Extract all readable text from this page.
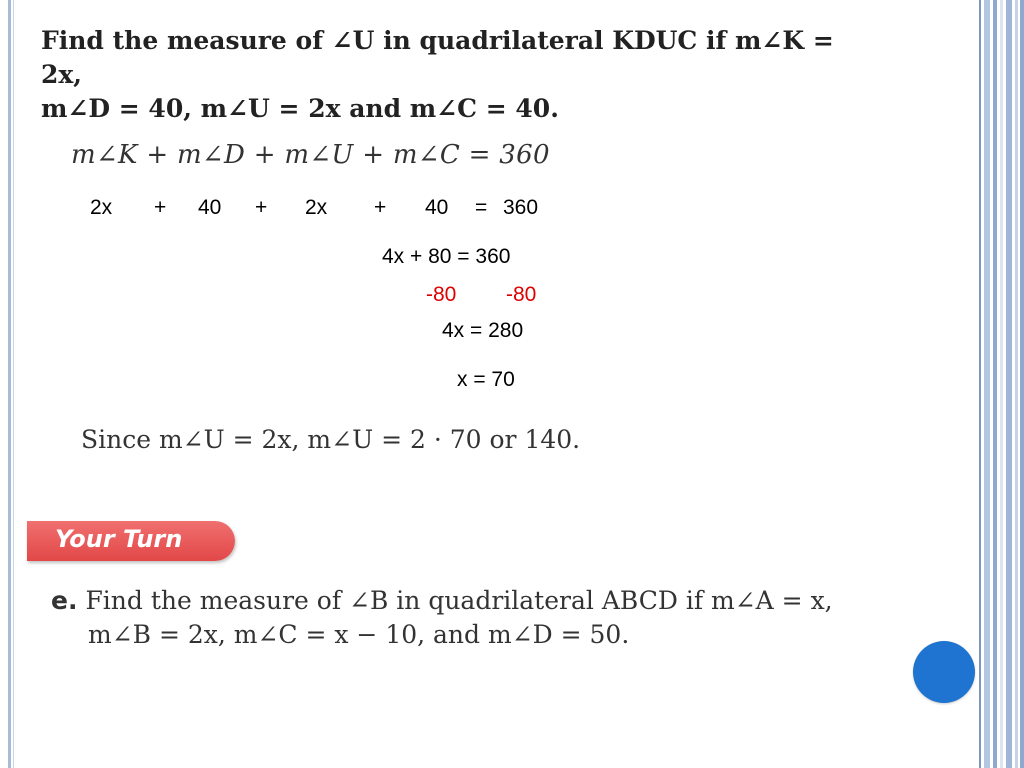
Find the measure of ∠U in quadrilateral KDUC if m∠K = 2x,
m∠D = 40, m∠U = 2x and m∠C = 40.
m∠K + m∠D + m∠U + m∠C = 360
2x + 40 + 2x + 40 = 360
4x + 80 = 360
-80 -80
4x = 280
x = 70
Since m∠U = 2x, m∠U = 2 · 70 or 140.
Your Turn
e. Find the measure of ∠B in quadrilateral ABCD if m∠A = x,
m∠B = 2x, m∠C = x − 10, and m∠D = 50.
